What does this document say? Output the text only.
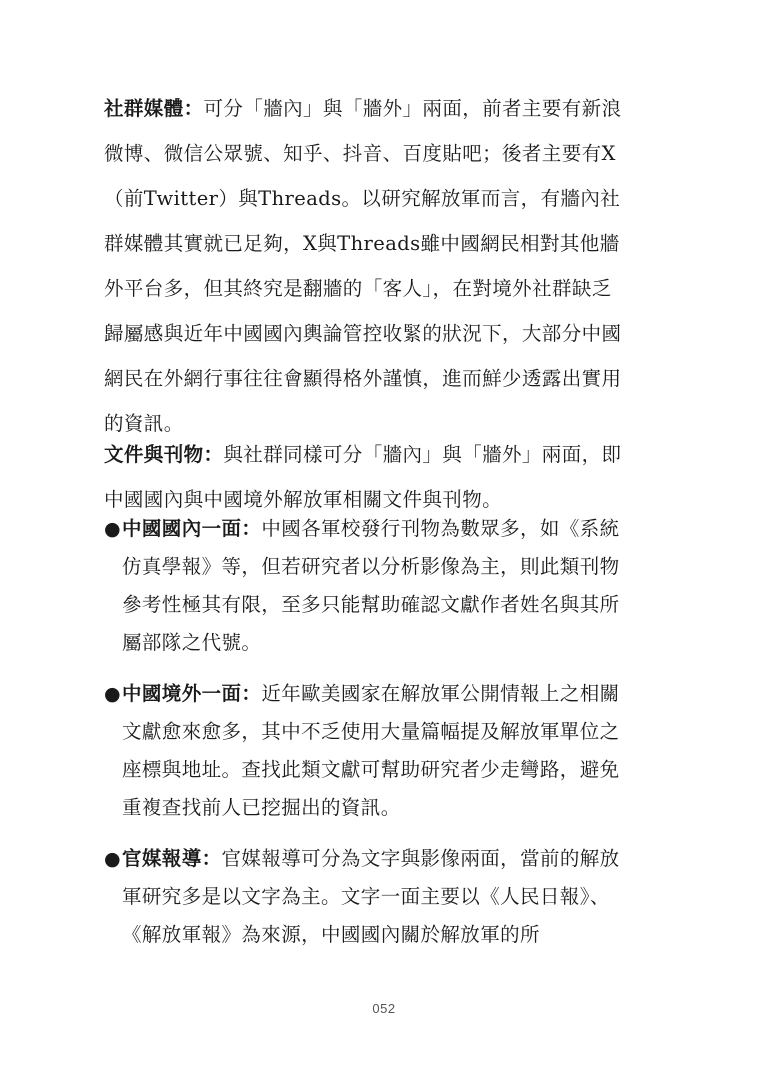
社群媒體：可分「牆內」與「牆外」兩面，前者主要有新浪微博、微信公眾號、知乎、抖音、百度貼吧；後者主要有X（前Twitter）與Threads。以研究解放軍而言，有牆內社群媒體其實就已足夠，X與Threads雖中國網民相對其他牆外平台多，但其終究是翻牆的「客人」，在對境外社群缺乏歸屬感與近年中國國內輿論管控收緊的狀況下，大部分中國網民在外網行事往往會顯得格外謹慎，進而鮮少透露出實用的資訊。

文件與刊物：與社群同樣可分「牆內」與「牆外」兩面，即中國國內與中國境外解放軍相關文件與刊物。

● 中國國內一面：中國各軍校發行刊物為數眾多，如《系統仿真學報》等，但若研究者以分析影像為主，則此類刊物參考性極其有限，至多只能幫助確認文獻作者姓名與其所屬部隊之代號。
● 中國境外一面：近年歐美國家在解放軍公開情報上之相關文獻愈來愈多，其中不乏使用大量篇幅提及解放軍單位之座標與地址。查找此類文獻可幫助研究者少走彎路，避免重複查找前人已挖掘出的資訊。
● 官媒報導：官媒報導可分為文字與影像兩面，當前的解放軍研究多是以文字為主。文字一面主要以《人民日報》、《解放軍報》為來源，中國國內關於解放軍的所
052
